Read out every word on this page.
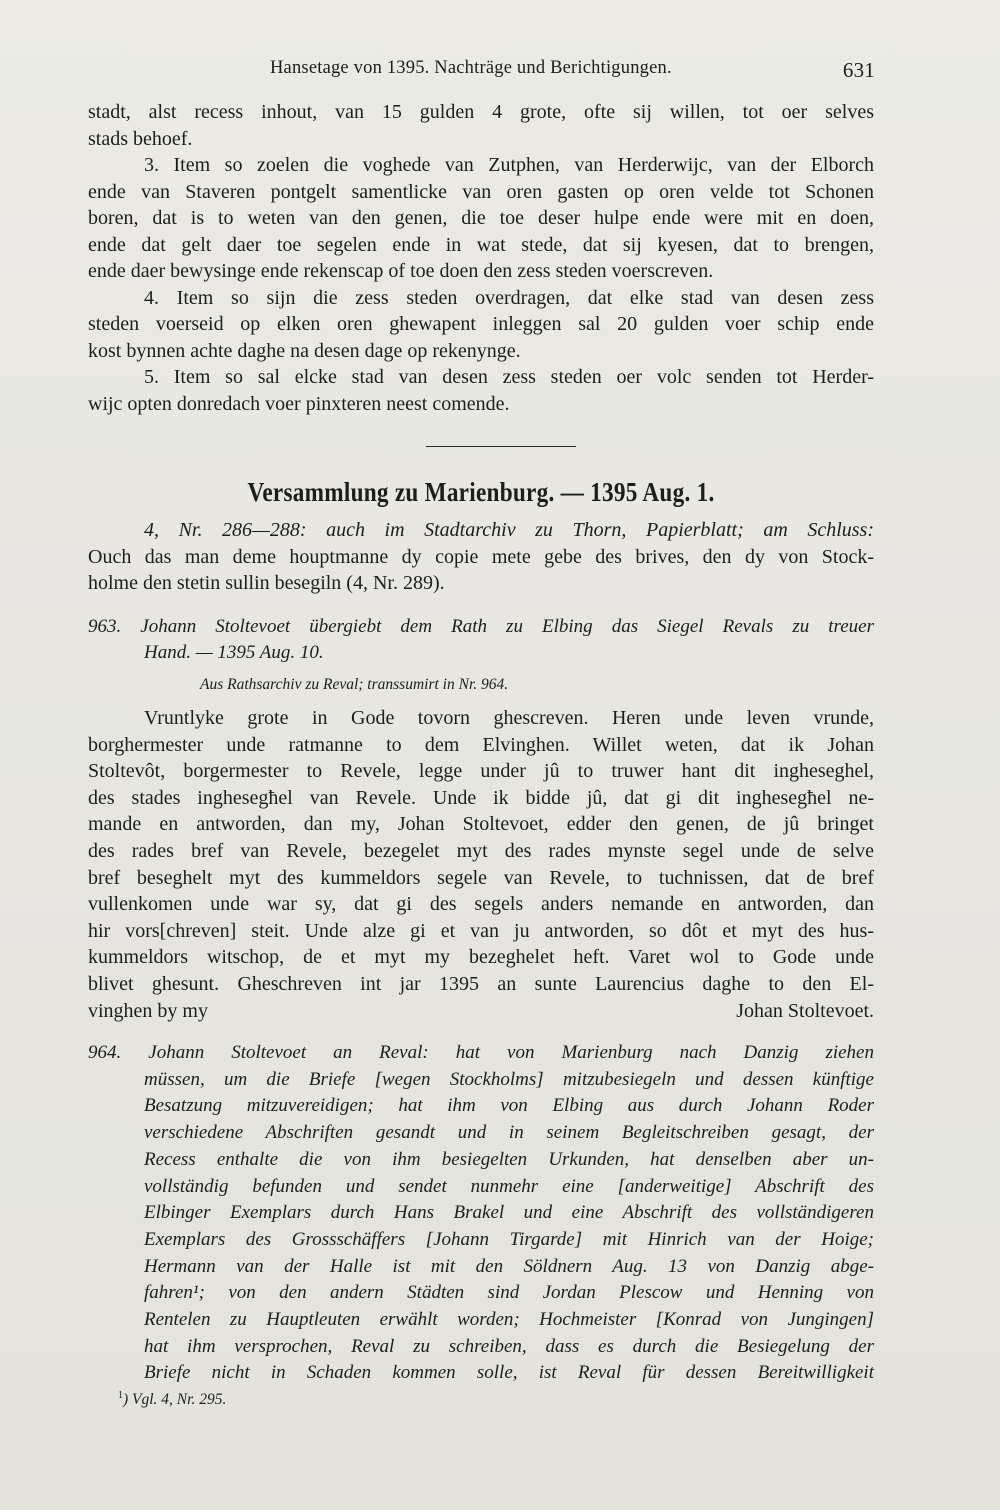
Hansetage von 1395. Nachträge und Berichtigungen.	631
stadt, alst recess inhout, van 15 gulden 4 grote, ofte sij willen, tot oer selves
stads behoef.
3. Item so zoelen die voghede van Zutphen, van Herderwijc, van der Elborch
ende van Staveren pontgelt samentlicke van oren gasten op oren velde tot Schonen
boren, dat is to weten van den genen, die toe deser hulpe ende were mit en doen,
ende dat gelt daer toe segelen ende in wat stede, dat sij kyesen, dat to brengen,
ende daer bewysinge ende rekenscap of toe doen den zess steden voerscreven.
4. Item so sijn die zess steden overdragen, dat elke stad van desen zess
steden voerseid op elken oren ghewapent inleggen sal 20 gulden voer schip ende
kost bynnen achte daghe na desen dage op rekenynge.
5. Item so sal elcke stad van desen zess steden oer volc senden tot Herder-
wijc opten donredach voer pinxteren neest comende.
Versammlung zu Marienburg. — 1395 Aug. 1.
4, Nr. 286—288: auch im Stadtarchiv zu Thorn, Papierblatt; am Schluss:
Ouch das man deme houptmanne dy copie mete gebe des brives, den dy von Stock-
holme den stetin sullin besegiln (4, Nr. 289).
963. Johann Stoltevoet übergiebt dem Rath zu Elbing das Siegel Revals zu treuer
Hand. — 1395 Aug. 10.
Aus Rathsarchiv zu Reval; transsumirt in Nr. 964.
Vruntlyke grote in Gode tovorn ghescreven. Heren unde leven vrunde,
borghermester unde ratmanne to dem Elvinghen. Willet weten, dat ik Johan
Stoltevôt, borgermester to Revele, legge under jû to truwer hant dit ingheseghel,
des stades inghesegħel van Revele. Unde ik bidde jû, dat gi dit inghesegħel ne-
mande en antworden, dan my, Johan Stoltevoet, edder den genen, de jû bringet
des rades bref van Revele, bezegelet myt des rades mynste segel unde de selve
bref beseghelt myt des kummeldors segele van Revele, to tuchnissen, dat de bref
vullenkomen unde war sy, dat gi des segels anders nemande en antworden, dan
hir vors[chreven] steit. Unde alze gi et van ju antworden, so dôt et myt des hus-
kummeldors witschop, de et myt my bezeghelet heft. Varet wol to Gode unde
blivet ghesunt. Gheschreven int jar 1395 an sunte Laurencius daghe to den El-
vinghen by my	Johan Stoltevoet.
964. Johann Stoltevoet an Reval: hat von Marienburg nach Danzig ziehen
müssen, um die Briefe [wegen Stockholms] mitzubesiegeln und dessen künftige
Besatzung mitzuvereidigen; hat ihm von Elbing aus durch Johann Roder
verschiedene Abschriften gesandt und in seinem Begleitschreiben gesagt, der
Recess enthalte die von ihm besiegelten Urkunden, hat denselben aber un-
vollständig befunden und sendet nunmehr eine [anderweitige] Abschrift des
Elbinger Exemplars durch Hans Brakel und eine Abschrift des vollständigeren
Exemplars des Grossschäffers [Johann Tirgarde] mit Hinrich van der Hoige;
Hermann van der Halle ist mit den Söldnern Aug. 13 von Danzig abge-
fahren¹; von den andern Städten sind Jordan Plescow und Henning von
Rentelen zu Hauptleuten erwählt worden; Hochmeister [Konrad von Jungingen]
hat ihm versprochen, Reval zu schreiben, dass es durch die Besiegelung der
Briefe nicht in Schaden kommen solle, ist Reval für dessen Bereitwilligkeit
$^1$) Vgl. 4, Nr. 295.
